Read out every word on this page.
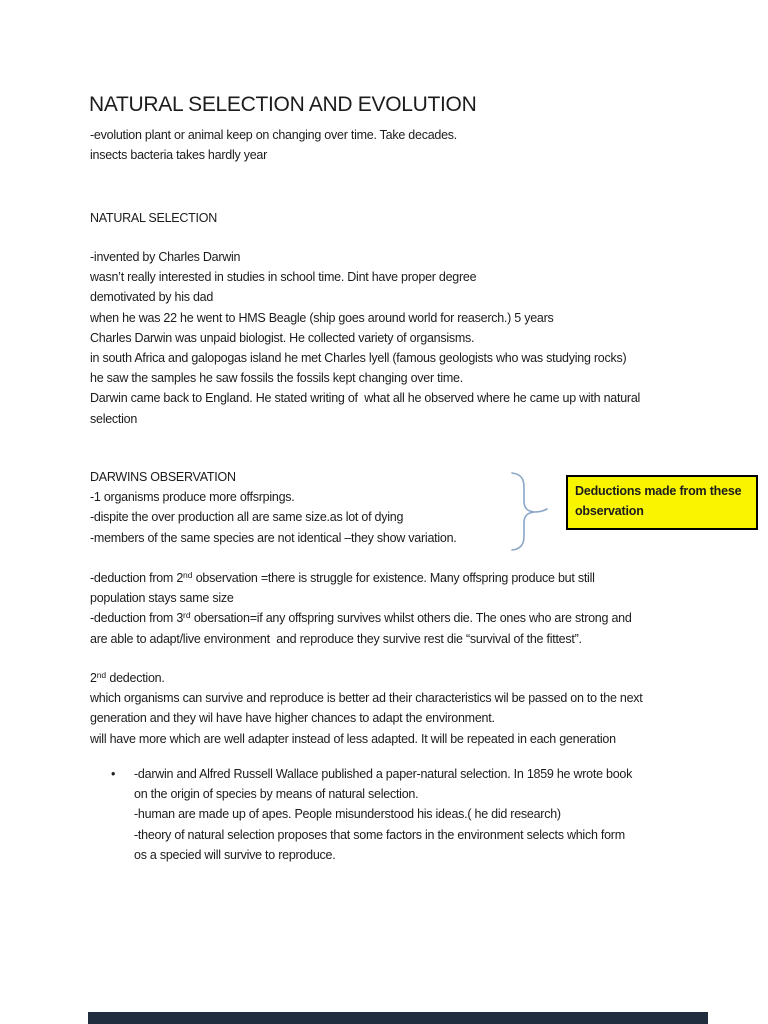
NATURAL SELECTION AND EVOLUTION
-evolution plant or animal keep on changing over time. Take decades.
insects bacteria takes hardly year
NATURAL SELECTION
-invented by Charles Darwin
wasn’t really interested in studies in school time. Dint have proper degree
demotivated by his dad
when he was 22 he went to HMS Beagle (ship goes around world for reaserch.) 5 years
Charles Darwin was unpaid biologist. He collected variety of organsisms.
in south Africa and galopogas island he met Charles lyell (famous geologists who was studying rocks)
he saw the samples he saw fossils the fossils kept changing over time.
Darwin came back to England. He stated writing of  what all he observed where he came up with natural
selection
DARWINS OBSERVATION
-1 organisms produce more offsrpings.
-dispite the over production all are same size.as lot of dying
-members of the same species are not identical –they show variation.
-deduction from 2nd observation =there is struggle for existence. Many offspring produce but still
population stays same size
-deduction from 3rd obersation=if any offspring survives whilst others die. The ones who are strong and
are able to adapt/live environment  and reproduce they survive rest die “survival of the fittest”.
2nd dedection.
which organisms can survive and reproduce is better ad their characteristics wil be passed on to the next
generation and they wil have have higher chances to adapt the environment.
will have more which are well adapter instead of less adapted. It will be repeated in each generation
• -darwin and Alfred Russell Wallace published a paper-natural selection. In 1859 he wrote book
on the origin of species by means of natural selection.
-human are made up of apes. People misunderstood his ideas.( he did research)
-theory of natural selection proposes that some factors in the environment selects which form
os a specied will survive to reproduce.
Deductions made from these
observation
